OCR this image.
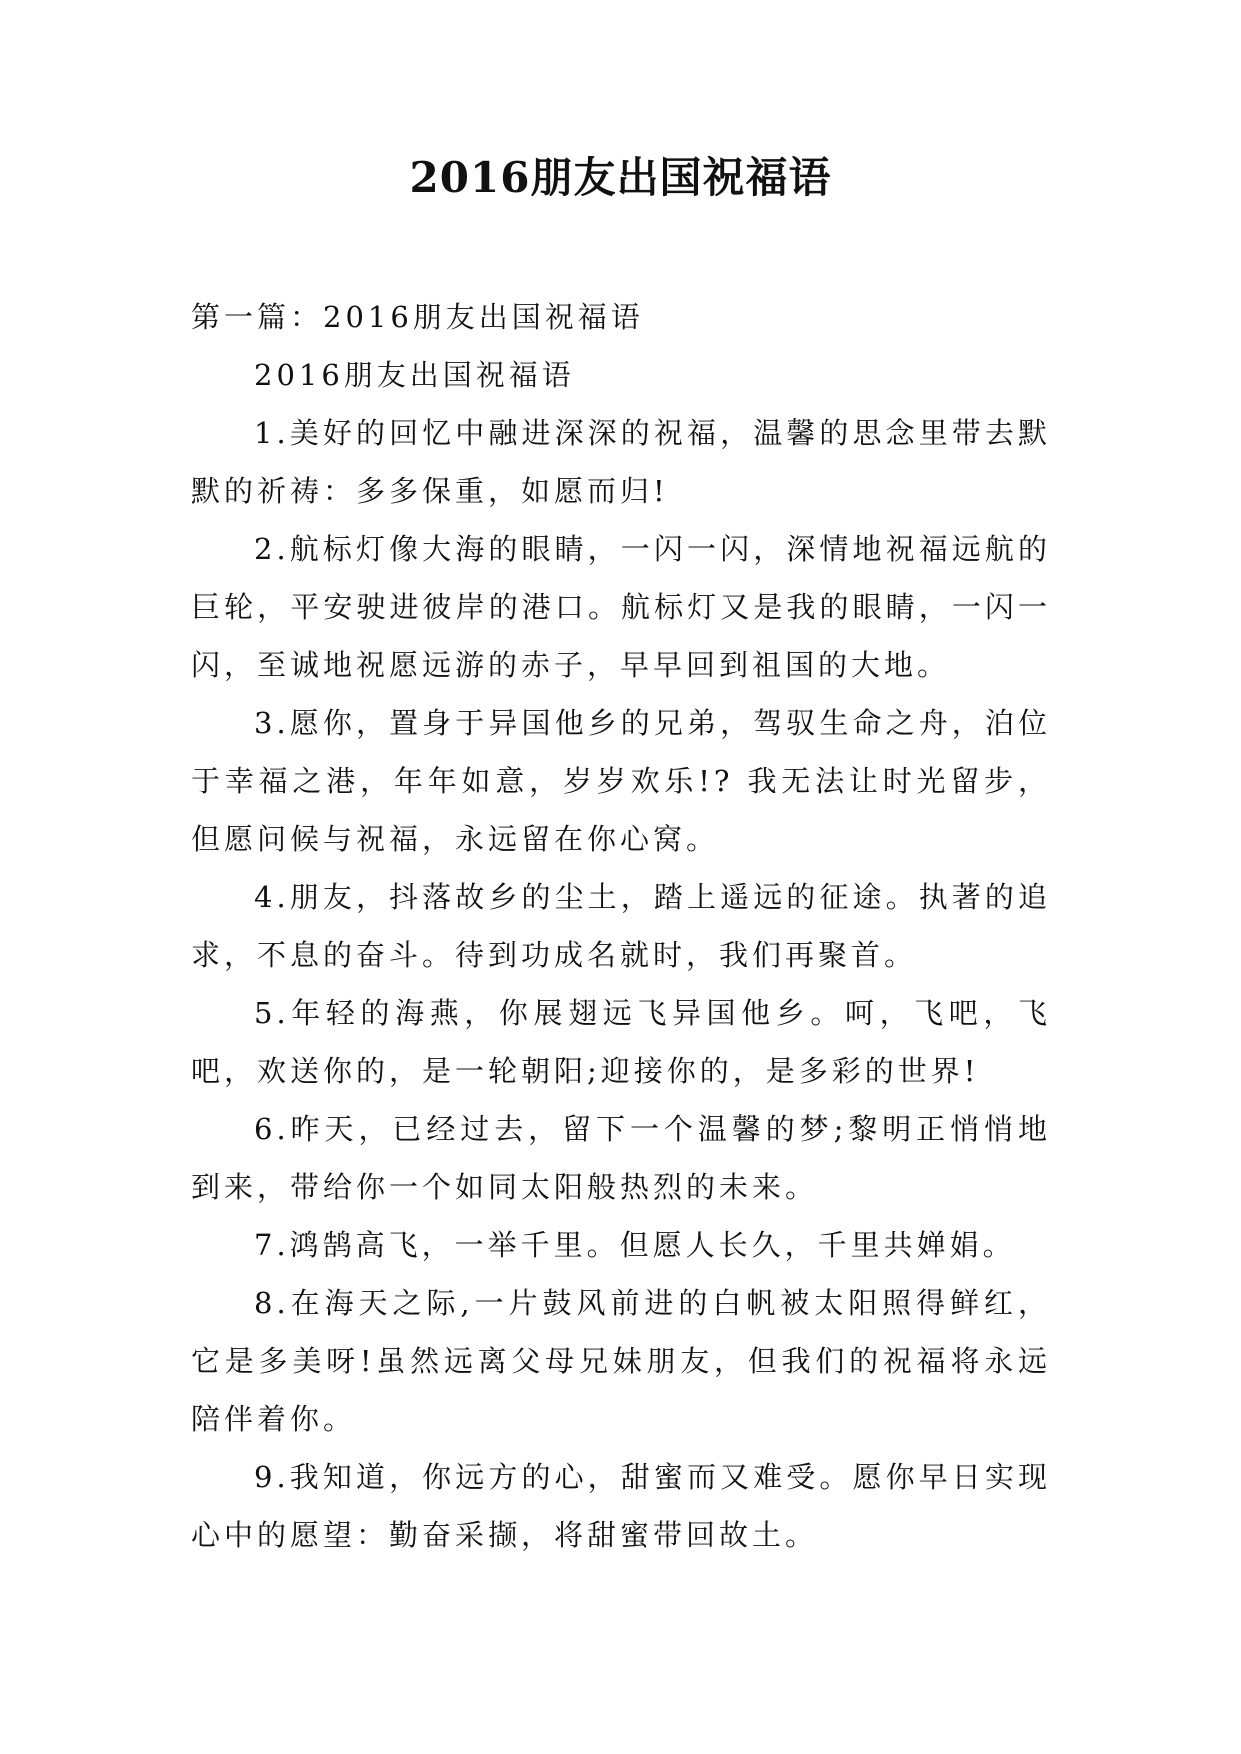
2016朋友出国祝福语

第一篇：2016朋友出国祝福语

2016朋友出国祝福语

1.美好的回忆中融进深深的祝福，温馨的思念里带去默默的祈祷：多多保重，如愿而归!

2.航标灯像大海的眼睛，一闪一闪，深情地祝福远航的巨轮，平安驶进彼岸的港口。航标灯又是我的眼睛，一闪一闪，至诚地祝愿远游的赤子，早早回到祖国的大地。

3.愿你，置身于异国他乡的兄弟，驾驭生命之舟，泊位于幸福之港，年年如意，岁岁欢乐!? 我无法让时光留步，但愿问候与祝福，永远留在你心窝。

4.朋友，抖落故乡的尘土，踏上遥远的征途。执著的追求，不息的奋斗。待到功成名就时，我们再聚首。

5.年轻的海燕，你展翅远飞异国他乡。呵，飞吧，飞吧，欢送你的，是一轮朝阳;迎接你的，是多彩的世界!

6.昨天，已经过去，留下一个温馨的梦;黎明正悄悄地到来，带给你一个如同太阳般热烈的未来。

7.鸿鹄高飞，一举千里。但愿人长久，千里共婵娟。

8.在海天之际,一片鼓风前进的白帆被太阳照得鲜红，它是多美呀!虽然远离父母兄妹朋友，但我们的祝福将永远陪伴着你。

9.我知道，你远方的心，甜蜜而又难受。愿你早日实现心中的愿望：勤奋采撷，将甜蜜带回故土。
